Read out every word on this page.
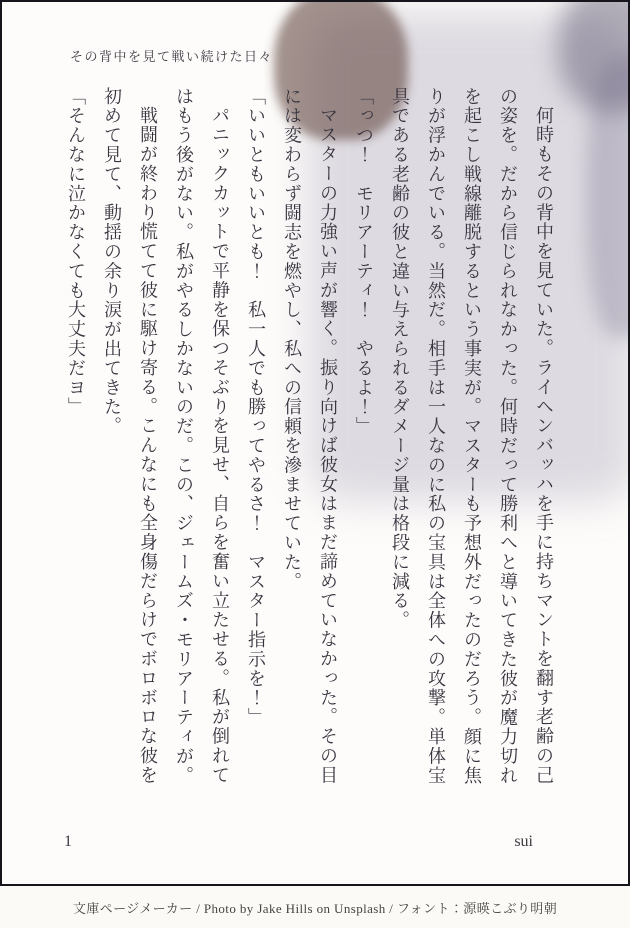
その背中を見て戦い続けた日々

何時もその背中を見ていた。ライヘンバッハを手に持ちマントを翻す老齢の己の姿を。だから信じられなかった。何時だって勝利へと導いてきた彼が魔力切れを起こし戦線離脱するという事実が。マスターも予想外だったのだろう。顔に焦りが浮かんでいる。当然だ。相手は一人なのに私の宝具は全体への攻撃。単体宝具である老齢の彼と違い与えられるダメージ量は格段に減る。

「っつ！　モリアーティ！　やるよ！」

マスターの力強い声が響く。振り向けば彼女はまだ諦めていなかった。その目には変わらず闘志を燃やし、私への信頼を滲ませていた。

「いいともいいとも！　私一人でも勝ってやるさ！　マスター指示を！」

パニックカットで平静を保つそぶりを見せ、自らを奮い立たせる。私が倒れてはもう後がない。私がやるしかないのだ。この、ジェームズ・モリアーティが。

戦闘が終わり慌てて彼に駆け寄る。こんなにも全身傷だらけでボロボロな彼を初めて見て、動揺の余り涙が出てきた。

「そんなに泣かなくても大丈夫だヨ」

1	sui
文庫ページメーカー / Photo by Jake Hills on Unsplash / フォント：源暎こぶり明朝
